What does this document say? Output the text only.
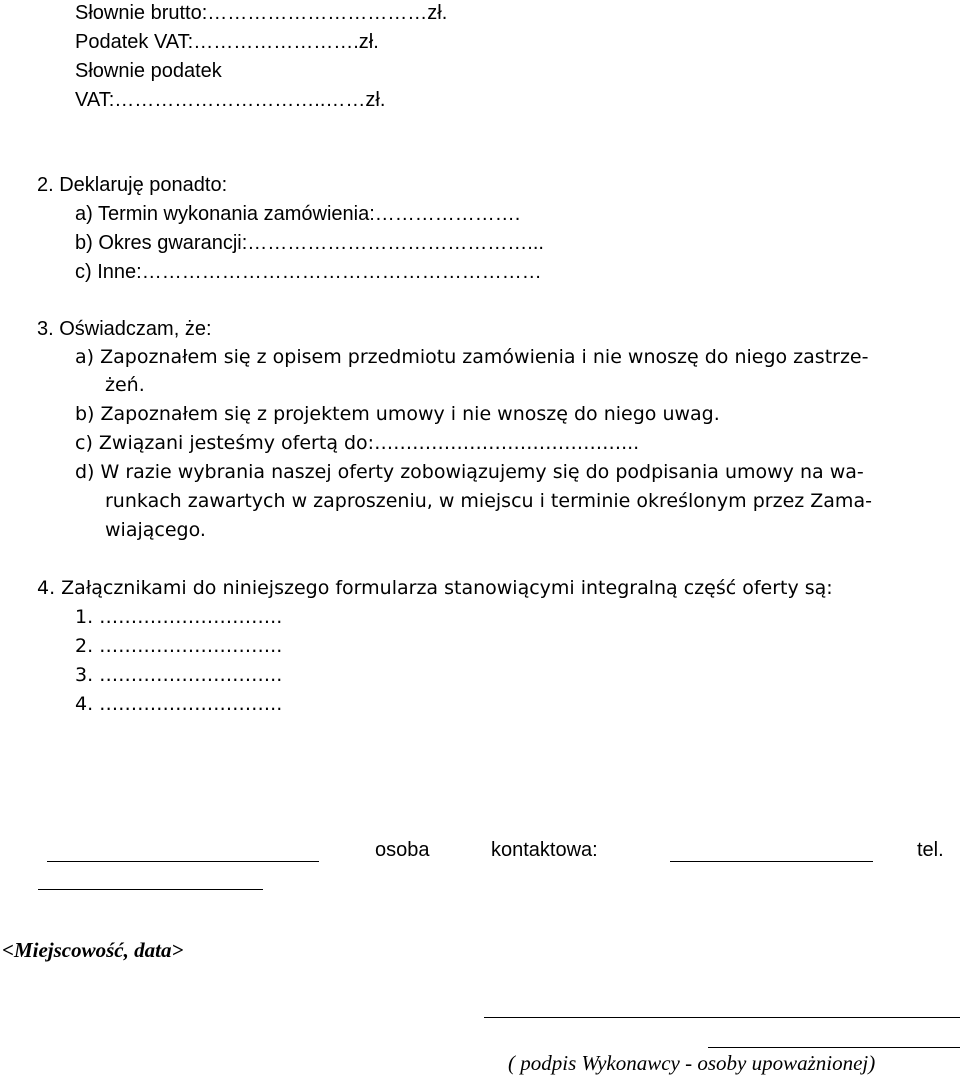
Słownie brutto:……………………………zł.
Podatek VAT:…………………….zł.
Słownie podatek
VAT:…………………………..……zł.
2. Deklaruję ponadto:
a) Termin wykonania zamówienia:………………….
b) Okres gwarancji:……………………………………...
c) Inne:……………………………………………………
3. Oświadczam, że:
a) Zapoznałem się z opisem przedmiotu zamówienia i nie wnoszę do niego zastrze-
żeń.
b) Zapoznałem się z projektem umowy i nie wnoszę do niego uwag.
c) Związani jesteśmy ofertą do:…………………………………...
d) W razie wybrania naszej oferty zobowiązujemy się do podpisania umowy na wa-
runkach zawartych w zaproszeniu, w miejscu i terminie określonym przez Zama-
wiającego.
4. Załącznikami do niniejszego formularza stanowiącymi integralną część oferty są:
1. ………………………..
2. ………………………..
3. ………………………..
4. ………………………..
osoba	kontaktowa:	tel.
<Miejscowość, data>
( podpis Wykonawcy - osoby upoważnionej)
